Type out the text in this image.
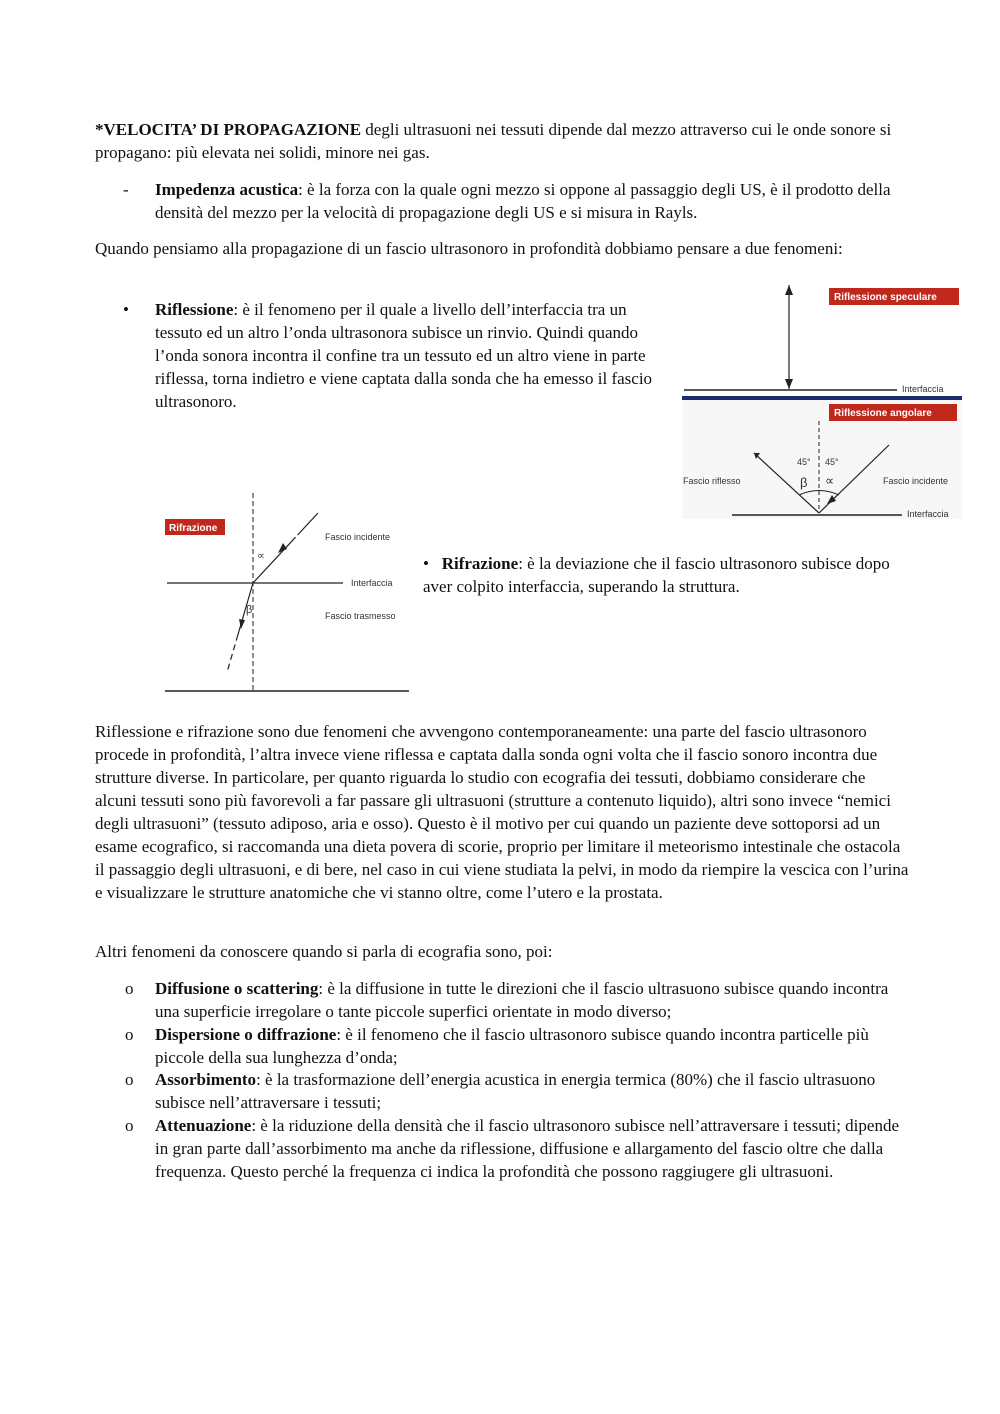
*VELOCITA’ DI PROPAGAZIONE degli ultrasuoni nei tessuti dipende dal mezzo attraverso cui le onde sonore si propagano: più elevata nei solidi, minore nei gas.

- Impedenza acustica: è la forza con la quale ogni mezzo si oppone al passaggio degli US, è il prodotto della densità del mezzo per la velocità di propagazione degli US e si misura in Rayls.

Quando pensiamo alla propagazione di un fascio ultrasonoro in profondità dobbiamo pensare a due fenomeni:

• Riflessione: è il fenomeno per il quale a livello dell’interfaccia tra un tessuto ed un altro l’onda ultrasonora subisce un rinvio. Quindi quando l’onda sonora incontra il confine tra un tessuto ed un altro viene in parte riflessa, torna indietro e viene captata dalla sonda che ha emesso il fascio ultrasonoro.
Riflessione speculare
Interfaccia
Riflessione angolare
45° 45°
β ∝
Fascio riflesso	Fascio incidente
Interfaccia
Rifrazione
∝
β
Fascio incidente
Interfaccia
Fascio trasmesso
• Rifrazione: è la deviazione che il fascio ultrasonoro subisce dopo aver colpito interfaccia, superando la struttura.

Riflessione e rifrazione sono due fenomeni che avvengono contemporaneamente: una parte del fascio ultrasonoro procede in profondità, l’altra invece viene riflessa e captata dalla sonda ogni volta che il fascio sonoro incontra due strutture diverse. In particolare, per quanto riguarda lo studio con ecografia dei tessuti, dobbiamo considerare che alcuni tessuti sono più favorevoli a far passare gli ultrasuoni (strutture a contenuto liquido), altri sono invece “nemici degli ultrasuoni” (tessuto adiposo, aria e osso). Questo è il motivo per cui quando un paziente deve sottoporsi ad un esame ecografico, si raccomanda una dieta povera di scorie, proprio per limitare il meteorismo intestinale che ostacola il passaggio degli ultrasuoni, e di bere, nel caso in cui viene studiata la pelvi, in modo da riempire la vescica con l’urina e visualizzare le strutture anatomiche che vi stanno oltre, come l’utero e la prostata.

Altri fenomeni da conoscere quando si parla di ecografia sono, poi:

o Diffusione o scattering: è la diffusione in tutte le direzioni che il fascio ultrasuono subisce quando incontra una superficie irregolare o tante piccole superfici orientate in modo diverso;
o Dispersione o diffrazione: è il fenomeno che il fascio ultrasonoro subisce quando incontra particelle più piccole della sua lunghezza d’onda;
o Assorbimento: è la trasformazione dell’energia acustica in energia termica (80%) che il fascio ultrasuono subisce nell’attraversare i tessuti;
o Attenuazione: è la riduzione della densità che il fascio ultrasonoro subisce nell’attraversare i tessuti; dipende in gran parte dall’assorbimento ma anche da riflessione, diffusione e allargamento del fascio oltre che dalla frequenza. Questo perché la frequenza ci indica la profondità che possono raggiugere gli ultrasuoni.
